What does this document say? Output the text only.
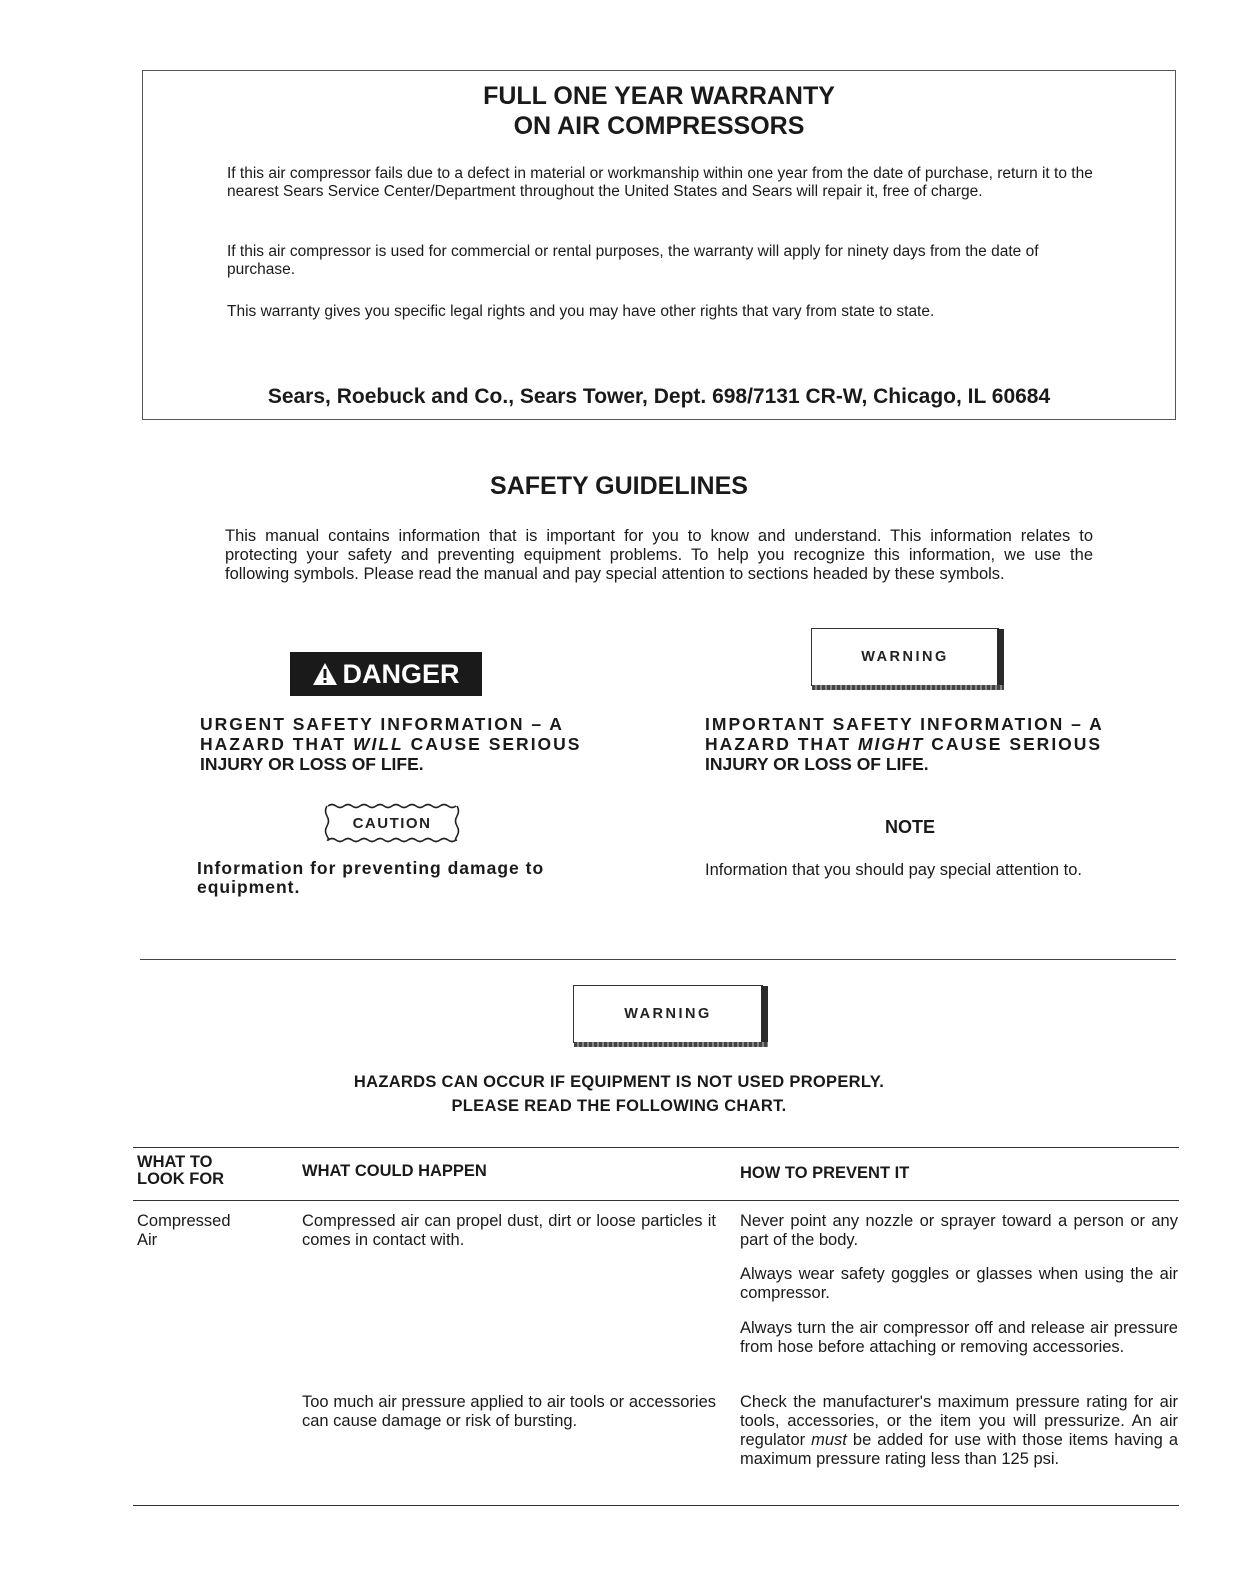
FULL ONE YEAR WARRANTY
ON AIR COMPRESSORS

If this air compressor fails due to a defect in material or workmanship within one year from the date of purchase, return it to the nearest Sears Service Center/Department throughout the United States and Sears will repair it, free of charge.

If this air compressor is used for commercial or rental purposes, the warranty will apply for ninety days from the date of purchase.

This warranty gives you specific legal rights and you may have other rights that vary from state to state.

Sears, Roebuck and Co., Sears Tower, Dept. 698/7131 CR-W, Chicago, IL 60684
SAFETY GUIDELINES

This manual contains information that is important for you to know and understand. This information relates to protecting your safety and preventing equipment problems. To help you recognize this information, we use the following symbols. Please read the manual and pay special attention to sections headed by these symbols.

DANGER

URGENT SAFETY INFORMATION – A HAZARD THAT WILL CAUSE SERIOUS INJURY OR LOSS OF LIFE.

WARNING

IMPORTANT SAFETY INFORMATION – A HAZARD THAT MIGHT CAUSE SERIOUS INJURY OR LOSS OF LIFE.

CAUTION

Information for preventing damage to equipment.

NOTE

Information that you should pay special attention to.

WARNING
HAZARDS CAN OCCUR IF EQUIPMENT IS NOT USED PROPERLY.
PLEASE READ THE FOLLOWING CHART.

WHAT TO

LOOK FOR	WHAT COULD HAPPEN	HOW TO PREVENT IT

Compressed

Air

Compressed air can propel dust, dirt or loose particles it comes in contact with.

Never point any nozzle or sprayer toward a person or any part of the body.

Always wear safety goggles or glasses when using the air compressor.

Always turn the air compressor off and release air pressure from hose before attaching or removing accessories.

Too much air pressure applied to air tools or accessories can cause damage or risk of bursting.

Check the manufacturer's maximum pressure rating for air tools, accessories, or the item you will pressurize. An air regulator must be added for use with those items having a maximum pressure rating less than 125 psi.
